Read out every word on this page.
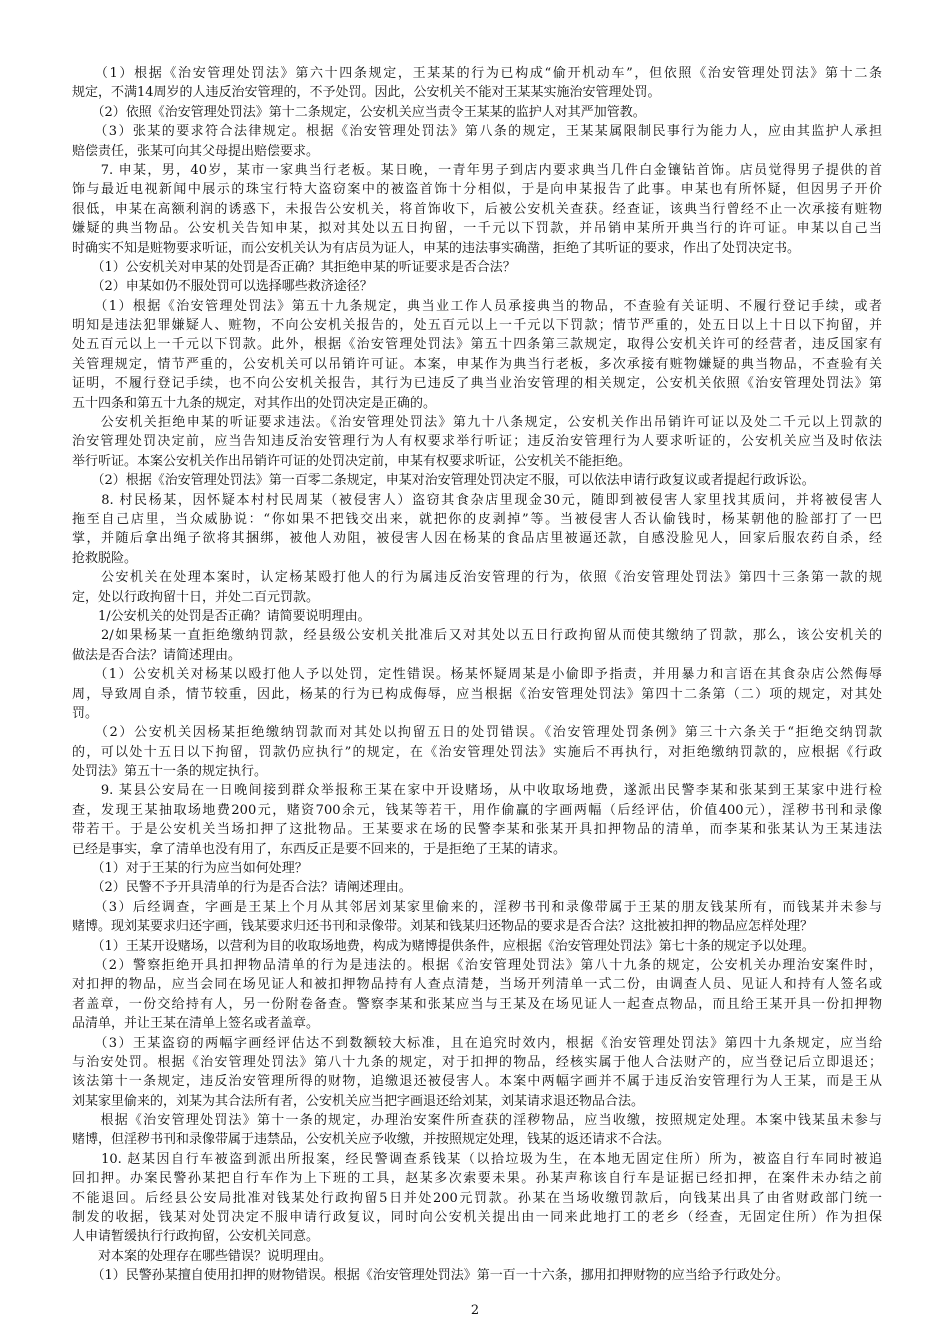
　　（1）根据《治安管理处罚法》第六十四条规定，王某某的行为已构成“偷开机动车”，但依照《治安管理处罚法》第十二条
规定，不满14周岁的人违反治安管理的，不予处罚。因此，公安机关不能对王某某实施治安管理处罚。
　　（2）依照《治安管理处罚法》第十二条规定，公安机关应当责令王某某的监护人对其严加管教。
　　（3）张某的要求符合法律规定。根据《治安管理处罚法》第八条的规定，王某某属限制民事行为能力人，应由其监护人承担
赔偿责任，张某可向其父母提出赔偿要求。
　　7. 申某，男，40岁，某市一家典当行老板。某日晚，一青年男子到店内要求典当几件白金镶钻首饰。店员觉得男子提供的首
饰与最近电视新闻中展示的珠宝行特大盗窃案中的被盗首饰十分相似，于是向申某报告了此事。申某也有所怀疑，但因男子开价
很低，申某在高额利润的诱惑下，未报告公安机关，将首饰收下，后被公安机关查获。经查证，该典当行曾经不止一次承接有赃物
嫌疑的典当物品。公安机关告知申某，拟对其处以五日拘留，一千元以下罚款，并吊销申某所开典当行的许可证。申某以自己当
时确实不知是赃物要求听证，而公安机关认为有店员为证人，申某的违法事实确凿，拒绝了其听证的要求，作出了处罚决定书。
　　（1）公安机关对申某的处罚是否正确？其拒绝申某的听证要求是否合法？
　　（2）申某如仍不服处罚可以选择哪些救济途径？
　　（1）根据《治安管理处罚法》第五十九条规定，典当业工作人员承接典当的物品，不查验有关证明、不履行登记手续，或者
明知是违法犯罪嫌疑人、赃物，不向公安机关报告的，处五百元以上一千元以下罚款；情节严重的，处五日以上十日以下拘留，并
处五百元以上一千元以下罚款。此外，根据《治安管理处罚法》第五十四条第三款规定，取得公安机关许可的经营者，违反国家有
关管理规定，情节严重的，公安机关可以吊销许可证。本案，申某作为典当行老板，多次承接有赃物嫌疑的典当物品，不查验有关
证明，不履行登记手续，也不向公安机关报告，其行为已违反了典当业治安管理的相关规定，公安机关依照《治安管理处罚法》第
五十四条和第五十九条的规定，对其作出的处罚决定是正确的。
　　公安机关拒绝申某的听证要求违法。《治安管理处罚法》第九十八条规定，公安机关作出吊销许可证以及处二千元以上罚款的
治安管理处罚决定前，应当告知违反治安管理行为人有权要求举行听证；违反治安管理行为人要求听证的，公安机关应当及时依法
举行听证。本案公安机关作出吊销许可证的处罚决定前，申某有权要求听证，公安机关不能拒绝。
　　（2）根据《治安管理处罚法》第一百零二条规定，申某对治安管理处罚决定不服，可以依法申请行政复议或者提起行政诉讼。
　　8. 村民杨某，因怀疑本村村民周某（被侵害人）盗窃其食杂店里现金30元，随即到被侵害人家里找其质问，并将被侵害人
拖至自己店里，当众威胁说：“你如果不把钱交出来，就把你的皮剥掉”等。当被侵害人否认偷钱时，杨某朝他的脸部打了一巴
掌，并随后拿出绳子欲将其捆绑，被他人劝阻，被侵害人因在杨某的食品店里被逼还款，自感没脸见人，回家后服农药自杀，经
抢救脱险。
　　公安机关在处理本案时，认定杨某殴打他人的行为属违反治安管理的行为，依照《治安管理处罚法》第四十三条第一款的规
定，处以行政拘留十日，并处二百元罚款。
　　1/公安机关的处罚是否正确？请简要说明理由。
　　2/如果杨某一直拒绝缴纳罚款，经县级公安机关批准后又对其处以五日行政拘留从而使其缴纳了罚款，那么，该公安机关的
做法是否合法？请简述理由。
　　（1）公安机关对杨某以殴打他人予以处罚，定性错误。杨某怀疑周某是小偷即予指责，并用暴力和言语在其食杂店公然侮辱
周，导致周自杀，情节较重，因此，杨某的行为已构成侮辱，应当根据《治安管理处罚法》第四十二条第（二）项的规定，对其处
罚。
　　（2）公安机关因杨某拒绝缴纳罚款而对其处以拘留五日的处罚错误。《治安管理处罚条例》第三十六条关于“拒绝交纳罚款
的，可以处十五日以下拘留，罚款仍应执行”的规定，在《治安管理处罚法》实施后不再执行，对拒绝缴纳罚款的，应根据《行政
处罚法》第五十一条的规定执行。
　　9. 某县公安局在一日晚间接到群众举报称王某在家中开设赌场，从中收取场地费，遂派出民警李某和张某到王某家中进行检
查，发现王某抽取场地费200元，赌资700余元，钱某等若干，用作偷赢的字画两幅（后经评估，价值400元），淫秽书刊和录像
带若干。于是公安机关当场扣押了这批物品。王某要求在场的民警李某和张某开具扣押物品的清单，而李某和张某认为王某违法
已经是事实，拿了清单也没有用了，东西反正是要不回来的，于是拒绝了王某的请求。
　　（1）对于王某的行为应当如何处理？
　　（2）民警不予开具清单的行为是否合法？请阐述理由。
　　（3）后经调查，字画是王某上个月从其邻居刘某家里偷来的，淫秽书刊和录像带属于王某的朋友钱某所有，而钱某并未参与
赌博。现刘某要求归还字画，钱某要求归还书刊和录像带。刘某和钱某归还物品的要求是否合法？这批被扣押的物品应怎样处理？
　　（1）王某开设赌场，以营利为目的收取场地费，构成为赌博提供条件，应根据《治安管理处罚法》第七十条的规定予以处理。
　　（2）警察拒绝开具扣押物品清单的行为是违法的。根据《治安管理处罚法》第八十九条的规定，公安机关办理治安案件时，
对扣押的物品，应当会同在场见证人和被扣押物品持有人查点清楚，当场开列清单一式二份，由调查人员、见证人和持有人签名或
者盖章，一份交给持有人，另一份附卷备查。警察李某和张某应当与王某及在场见证人一起查点物品，而且给王某开具一份扣押物
品清单，并让王某在清单上签名或者盖章。
　　（3）王某盗窃的两幅字画经评估达不到数额较大标准，且在追究时效内，根据《治安管理处罚法》第四十九条规定，应当给
与治安处罚。根据《治安管理处罚法》第八十九条的规定，对于扣押的物品，经核实属于他人合法财产的，应当登记后立即退还；
该法第十一条规定，违反治安管理所得的财物，追缴退还被侵害人。本案中两幅字画并不属于违反治安管理行为人王某，而是王从
刘某家里偷来的，刘某为其合法所有者，公安机关应当把字画退还给刘某，刘某请求退还物品合法。
　　根据《治安管理处罚法》第十一条的规定，办理治安案件所查获的淫秽物品，应当收缴，按照规定处理。本案中钱某虽未参与
赌博，但淫秽书刊和录像带属于违禁品，公安机关应予收缴，并按照规定处理，钱某的返还请求不合法。
　　10. 赵某因自行车被盗到派出所报案，经民警调查系钱某（以拾垃圾为生，在本地无固定住所）所为，被盗自行车同时被追
回扣押。办案民警孙某把自行车作为上下班的工具，赵某多次索要未果。孙某声称该自行车是证据已经扣押，在案件未办结之前
不能退回。后经县公安局批准对钱某处行政拘留5日并处200元罚款。孙某在当场收缴罚款后，向钱某出具了由省财政部门统一
制发的收据，钱某对处罚决定不服申请行政复议，同时向公安机关提出由一同来此地打工的老乡（经查，无固定住所）作为担保
人申请暂缓执行行政拘留，公安机关同意。
　　对本案的处理存在哪些错误？说明理由。
　　（1）民警孙某擅自使用扣押的财物错误。根据《治安管理处罚法》第一百一十六条，挪用扣押财物的应当给予行政处分。
2
